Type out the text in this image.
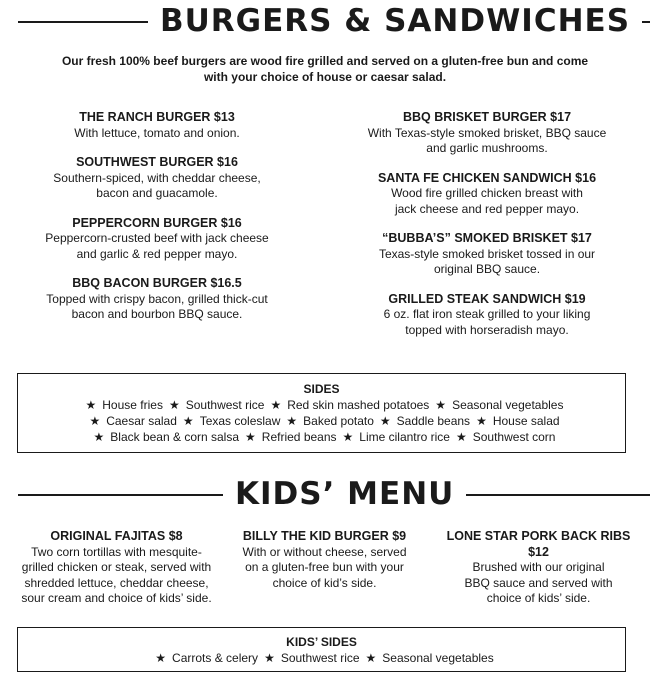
BURGERS & SANDWICHES
Our fresh 100% beef burgers are wood fire grilled and served on a gluten-free bun and come with your choice of house or caesar salad.
THE RANCH BURGER $13
With lettuce, tomato and onion.
SOUTHWEST BURGER $16
Southern-spiced, with cheddar cheese,
bacon and guacamole.
PEPPERCORN BURGER $16
Peppercorn-crusted beef with jack cheese
and garlic & red pepper mayo.
BBQ BACON BURGER $16.5
Topped with crispy bacon, grilled thick-cut
bacon and bourbon BBQ sauce.
BBQ BRISKET BURGER $17
With Texas-style smoked brisket, BBQ sauce
and garlic mushrooms.
SANTA FE CHICKEN SANDWICH $16
Wood fire grilled chicken breast with
jack cheese and red pepper mayo.
“BUBBA’S” SMOKED BRISKET $17
Texas-style smoked brisket tossed in our
original BBQ sauce.
GRILLED STEAK SANDWICH $19
6 oz. flat iron steak grilled to your liking
topped with horseradish mayo.
SIDES
★ House fries ★ Southwest rice ★ Red skin mashed potatoes ★ Seasonal vegetables
★ Caesar salad ★ Texas coleslaw ★ Baked potato ★ Saddle beans ★ House salad
★ Black bean & corn salsa ★ Refried beans ★ Lime cilantro rice ★ Southwest corn
KIDS’ MENU
ORIGINAL FAJITAS $8
Two corn tortillas with mesquite-
grilled chicken or steak, served with
shredded lettuce, cheddar cheese,
sour cream and choice of kids’ side.
BILLY THE KID BURGER $9
With or without cheese, served
on a gluten-free bun with your
choice of kid’s side.
LONE STAR PORK BACK RIBS $12
Brushed with our original
BBQ sauce and served with
choice of kids’ side.
KIDS’ SIDES
★ Carrots & celery ★ Southwest rice ★ Seasonal vegetables
